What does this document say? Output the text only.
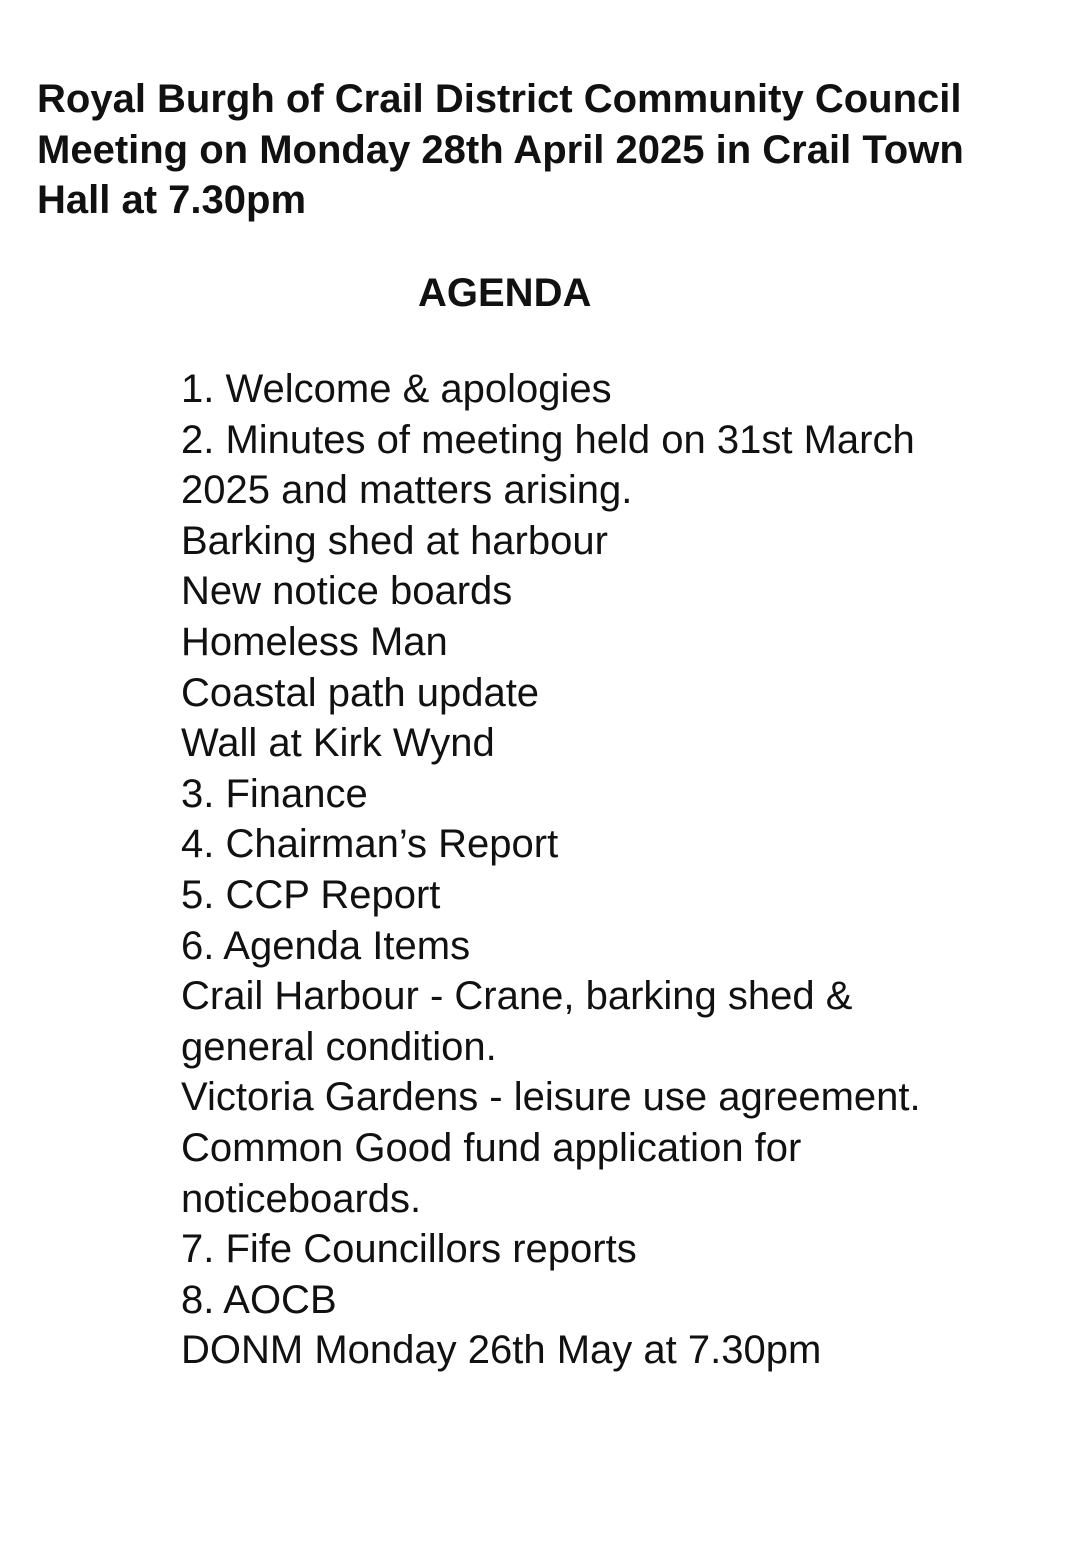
Royal Burgh of Crail District Community Council
Meeting on Monday 28th April 2025 in Crail Town
Hall at 7.30pm
AGENDA
1. Welcome & apologies
2. Minutes of meeting held on 31st March
2025 and matters arising.
Barking shed at harbour
New notice boards
Homeless Man
Coastal path update
Wall at Kirk Wynd
3. Finance
4. Chairman’s Report
5. CCP Report
6. Agenda Items
Crail Harbour - Crane, barking shed &
general condition.
Victoria Gardens - leisure use agreement.
Common Good fund application for
noticeboards.
7. Fife Councillors reports
8. AOCB
DONM Monday 26th May at 7.30pm
